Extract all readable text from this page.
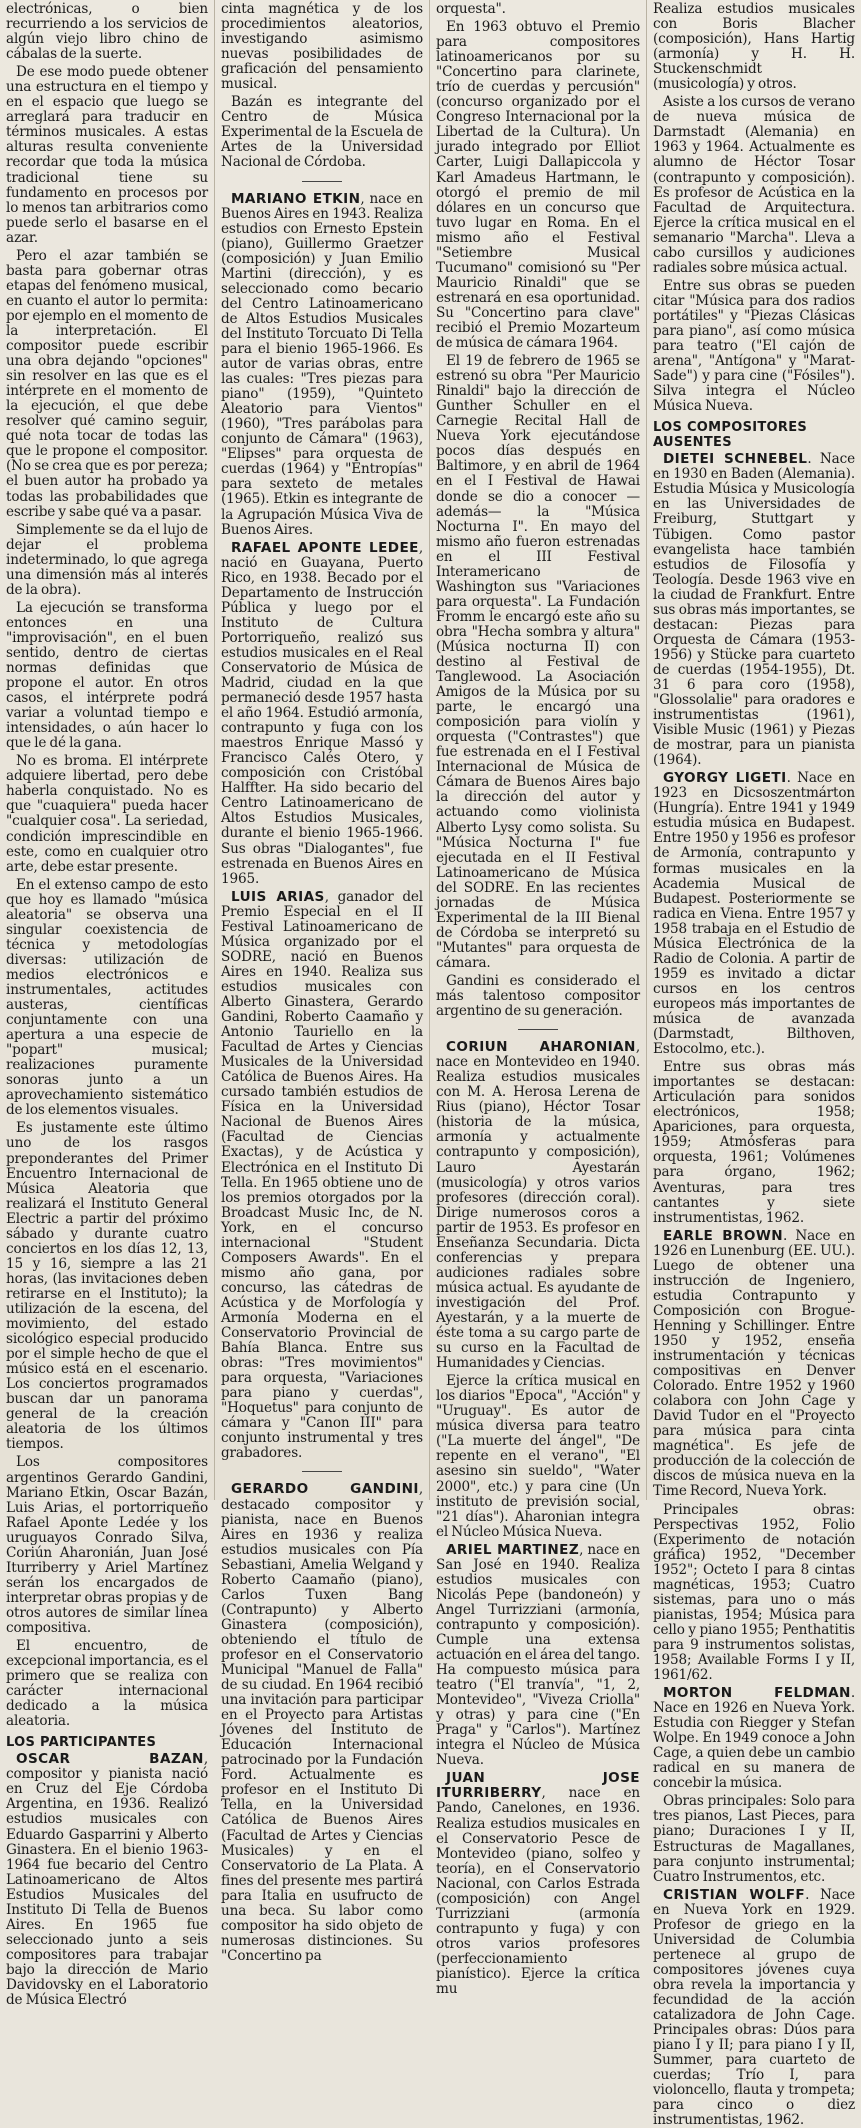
electrónicas, o bien recurriendo a los servicios de algún viejo libro chino de cábalas de la suerte.

De ese modo puede obtener una estructura en el tiempo y en el espacio que luego se arreglará para traducir en términos musicales. A estas alturas resulta conveniente recordar que toda la música tradicional tiene su fundamento en procesos por lo menos tan arbitrarios como puede serlo el basarse en el azar.

Pero el azar también se basta para gobernar otras etapas del fenómeno musical, en cuanto el autor lo permita: por ejemplo en el momento de la interpretación. El compositor puede escribir una obra dejando "opciones" sin resolver en las que es el intérprete en el momento de la ejecución, el que debe resolver qué camino seguir, qué nota tocar de todas las que le propone el compositor. (No se crea que es por pereza; el buen autor ha probado ya todas las probabilidades que escribe y sabe qué va a pasar.

Simplemente se da el lujo de dejar el problema indeterminado, lo que agrega una dimensión más al interés de la obra).

La ejecución se transforma entonces en una "improvisación", en el buen sentido, dentro de ciertas normas definidas que propone el autor. En otros casos, el intérprete podrá variar a voluntad tiempo e intensidades, o aún hacer lo que le dé la gana.

No es broma. El intérprete adquiere libertad, pero debe haberla conquistado. No es que "cuaquiera" pueda hacer "cualquier cosa". La seriedad, condición imprescindible en este, como en cualquier otro arte, debe estar presente.

En el extenso campo de esto que hoy es llamado "música aleatoria" se observa una singular coexistencia de técnica y metodologías diversas: utilización de medios electrónicos e instrumentales, actitudes austeras, científicas conjuntamente con una apertura a una especie de "popart" musical; realizaciones puramente sonoras junto a un aprovechamiento sistemático de los elementos visuales.

Es justamente este último uno de los rasgos preponderantes del Primer Encuentro Internacional de Música Aleatoria que realizará el Instituto General Electric a partir del próximo sábado y durante cuatro conciertos en los días 12, 13, 15 y 16, siempre a las 21 horas, (las invitaciones deben retirarse en el Instituto); la utilización de la escena, del movimiento, del estado sicológico especial producido por el simple hecho de que el músico está en el escenario. Los conciertos programados buscan dar un panorama general de la creación aleatoria de los últimos tiempos.

Los compositores argentinos Gerardo Gandini, Mariano Etkin, Oscar Bazán, Luis Arias, el portorriqueño Rafael Aponte Ledée y los uruguayos Conrado Silva, Coriún Aharonián, Juan José Iturriberry y Ariel Martínez serán los encargados de interpretar obras propias y de otros autores de similar línea compositiva.

El encuentro, de excepcional importancia, es el primero que se realiza con carácter internacional dedicado a la música aleatoria.

LOS PARTICIPANTES

OSCAR BAZAN, compositor y pianista nació en Cruz del Eje Córdoba Argentina, en 1936. Realizó estudios musicales con Eduardo Gasparrini y Alberto Ginastera. En el bienio 1963-1964 fue becario del Centro Latinoamericano de Altos Estudios Musicales del Instituto Di Tella de Buenos Aires. En 1965 fue seleccionado junto a seis compositores para trabajar bajo la dirección de Mario Davidovsky en el Laboratorio de Música Electró

cinta magnética y de los procedimientos aleatorios, investigando asimismo nuevas posibilidades de graficación del pensamiento musical.

Bazán es integrante del Centro de Música Experimental de la Escuela de Artes de la Universidad Nacional de Córdoba.

MARIANO ETKIN, nace en Buenos Aires en 1943. Realiza estudios con Ernesto Epstein (piano), Guillermo Graetzer (composición) y Juan Emilio Martini (dirección), y es seleccionado como becario del Centro Latinoamericano de Altos Estudios Musicales del Instituto Torcuato Di Tella para el bienio 1965-1966. Es autor de varias obras, entre las cuales: "Tres piezas para piano" (1959), "Quinteto Aleatorio para Vientos" (1960), "Tres parábolas para conjunto de Cámara" (1963), "Elipses" para orquesta de cuerdas (1964) y "Entropías" para sexteto de metales (1965). Etkin es integrante de la Agrupación Música Viva de Buenos Aires.

RAFAEL APONTE LEDEE, nació en Guayana, Puerto Rico, en 1938. Becado por el Departamento de Instrucción Pública y luego por el Instituto de Cultura Portorriqueño, realizó sus estudios musicales en el Real Conservatorio de Música de Madrid, ciudad en la que permaneció desde 1957 hasta el año 1964. Estudió armonía, contrapunto y fuga con los maestros Enrique Massó y Francisco Calés Otero, y composición con Cristóbal Halffter. Ha sido becario del Centro Latinoamericano de Altos Estudios Musicales, durante el bienio 1965-1966. Sus obras "Dialogantes", fue estrenada en Buenos Aires en 1965.

LUIS ARIAS, ganador del Premio Especial en el II Festival Latinoamericano de Música organizado por el SODRE, nació en Buenos Aires en 1940. Realiza sus estudios musicales con Alberto Ginastera, Gerardo Gandini, Roberto Caamaño y Antonio Tauriello en la Facultad de Artes y Ciencias Musicales de la Universidad Católica de Buenos Aires. Ha cursado también estudios de Física en la Universidad Nacional de Buenos Aires (Facultad de Ciencias Exactas), y de Acústica y Electrónica en el Instituto Di Tella. En 1965 obtiene uno de los premios otorgados por la Broadcast Music Inc, de N. York, en el concurso internacional "Student Composers Awards". En el mismo año gana, por concurso, las cátedras de Acústica y de Morfología y Armonía Moderna en el Conservatorio Provincial de Bahía Blanca. Entre sus obras: "Tres movimientos" para orquesta, "Variaciones para piano y cuerdas", "Hoquetus" para conjunto de cámara y "Canon III" para conjunto instrumental y tres grabadores.

GERARDO GANDINI, destacado compositor y pianista, nace en Buenos Aires en 1936 y realiza estudios musicales con Pía Sebastiani, Amelia Welgand y Roberto Caamaño (piano), Carlos Tuxen Bang (Contrapunto) y Alberto Ginastera (composición), obteniendo el título de profesor en el Conservatorio Municipal "Manuel de Falla" de su ciudad. En 1964 recibió una invitación para participar en el Proyecto para Artistas Jóvenes del Instituto de Educación Internacional patrocinado por la Fundación Ford. Actualmente es profesor en el Instituto Di Tella, en la Universidad Católica de Buenos Aires (Facultad de Artes y Ciencias Musicales) y en el Conservatorio de La Plata. A fines del presente mes partirá para Italia en usufructo de una beca. Su labor como compositor ha sido objeto de numerosas distinciones. Su "Concertino pa

orquesta".

En 1963 obtuvo el Premio para compositores latinoamericanos por su "Concertino para clarinete, trío de cuerdas y percusión" (concurso organizado por el Congreso Internacional por la Libertad de la Cultura). Un jurado integrado por Elliot Carter, Luigi Dallapiccola y Karl Amadeus Hartmann, le otorgó el premio de mil dólares en un concurso que tuvo lugar en Roma. En el mismo año el Festival "Setiembre Musical Tucumano" comisionó su "Per Mauricio Rinaldi" que se estrenará en esa oportunidad. Su "Concertino para clave" recibió el Premio Mozarteum de música de cámara 1964.

El 19 de febrero de 1965 se estrenó su obra "Per Mauricio Rinaldi" bajo la dirección de Gunther Schuller en el Carnegie Recital Hall de Nueva York ejecutándose pocos días después en Baltimore, y en abril de 1964 en el I Festival de Hawai donde se dio a conocer —además— la "Música Nocturna I". En mayo del mismo año fueron estrenadas en el III Festival Interamericano de Washington sus "Variaciones para orquesta". La Fundación Fromm le encargó este año su obra "Hecha sombra y altura" (Música nocturna II) con destino al Festival de Tanglewood. La Asociación Amigos de la Música por su parte, le encargó una composición para violín y orquesta ("Contrastes") que fue estrenada en el I Festival Internacional de Música de Cámara de Buenos Aires bajo la dirección del autor y actuando como violinista Alberto Lysy como solista. Su "Música Nocturna I" fue ejecutada en el II Festival Latinoamericano de Música del SODRE. En las recientes jornadas de Música Experimental de la III Bienal de Córdoba se interpretó su "Mutantes" para orquesta de cámara.

Gandini es considerado el más talentoso compositor argentino de su generación.

CORIUN AHARONIAN, nace en Montevideo en 1940. Realiza estudios musicales con M. A. Herosa Lerena de Rius (piano), Héctor Tosar (historia de la música, armonía y actualmente contrapunto y composición), Lauro Ayestarán (musicología) y otros varios profesores (dirección coral). Dirige numerosos coros a partir de 1953. Es profesor en Enseñanza Secundaria. Dicta conferencias y prepara audiciones radiales sobre música actual. Es ayudante de investigación del Prof. Ayestarán, y a la muerte de éste toma a su cargo parte de su curso en la Facultad de Humanidades y Ciencias.

Ejerce la crítica musical en los diarios "Epoca", "Acción" y "Uruguay". Es autor de música diversa para teatro ("La muerte del ángel", "De repente en el verano", "El asesino sin sueldo", "Water 2000", etc.) y para cine (Un instituto de previsión social, "21 días"). Aharonian integra el Núcleo Música Nueva.

ARIEL MARTINEZ, nace en San José en 1940. Realiza estudios musicales con Nicolás Pepe (bandoneón) y Angel Turrizziani (armonía, contrapunto y composición). Cumple una extensa actuación en el área del tango. Ha compuesto música para teatro ("El tranvía", "1, 2, Montevideo", "Viveza Criolla" y otras) y para cine ("En Praga" y "Carlos"). Martínez integra el Núcleo de Música Nueva.

JUAN JOSE ITURRIBERRY, nace en Pando, Canelones, en 1936. Realiza estudios musicales en el Conservatorio Pesce de Montevideo (piano, solfeo y teoría), en el Conservatorio Nacional, con Carlos Estrada (composición) con Angel Turrizziani (armonía contrapunto y fuga) y con otros varios profesores (perfeccionamiento pianístico). Ejerce la crítica mu

Realiza estudios musicales con Boris Blacher (composición), Hans Hartig (armonía) y H. H. Stuckenschmidt (musicología) y otros.

Asiste a los cursos de verano de nueva música de Darmstadt (Alemania) en 1963 y 1964. Actualmente es alumno de Héctor Tosar (contrapunto y composición). Es profesor de Acústica en la Facultad de Arquitectura. Ejerce la crítica musical en el semanario "Marcha". Lleva a cabo cursillos y audiciones radiales sobre música actual.

Entre sus obras se pueden citar "Música para dos radios portátiles" y "Piezas Clásicas para piano", así como música para teatro ("El cajón de arena", "Antígona" y "Marat-Sade") y para cine ("Fósiles"). Silva integra el Núcleo Música Nueva.

LOS COMPOSITORES AUSENTES

DIETEI SCHNEBEL. Nace en 1930 en Baden (Alemania). Estudia Música y Musicología en las Universidades de Freiburg, Stuttgart y Tübigen. Como pastor evangelista hace también estudios de Filosofía y Teología. Desde 1963 vive en la ciudad de Frankfurt. Entre sus obras más importantes, se destacan: Piezas para Orquesta de Cámara (1953-1956) y Stücke para cuarteto de cuerdas (1954-1955), Dt. 31 6 para coro (1958), "Glossolalie" para oradores e instrumentistas (1961), Visible Music (1961) y Piezas de mostrar, para un pianista (1964).

GYORGY LIGETI. Nace en 1923 en Dicsoszentmárton (Hungría). Entre 1941 y 1949 estudia música en Budapest. Entre 1950 y 1956 es profesor de Armonía, contrapunto y formas musicales en la Academia Musical de Budapest. Posteriormente se radica en Viena. Entre 1957 y 1958 trabaja en el Estudio de Música Electrónica de la Radio de Colonia. A partir de 1959 es invitado a dictar cursos en los centros europeos más importantes de música de avanzada (Darmstadt, Bilthoven, Estocolmo, etc.).

Entre sus obras más importantes se destacan: Articulación para sonidos electrónicos, 1958; Apariciones, para orquesta, 1959; Atmósferas para orquesta, 1961; Volúmenes para órgano, 1962; Aventuras, para tres cantantes y siete instrumentistas, 1962.

EARLE BROWN. Nace en 1926 en Lunenburg (EE. UU.). Luego de obtener una instrucción de Ingeniero, estudia Contrapunto y Composición con Brogue-Henning y Schillinger. Entre 1950 y 1952, enseña instrumentación y técnicas compositivas en Denver Colorado. Entre 1952 y 1960 colabora con John Cage y David Tudor en el "Proyecto para música para cinta magnética". Es jefe de producción de la colección de discos de música nueva en la Time Record, Nueva York.

Principales obras: Perspectivas 1952, Folio (Experimento de notación gráfica) 1952, "December 1952"; Octeto I para 8 cintas magnéticas, 1953; Cuatro sistemas, para uno o más pianistas, 1954; Música para cello y piano 1955; Penthatitis para 9 instrumentos solistas, 1958; Available Forms I y II, 1961/62.

MORTON FELDMAN. Nace en 1926 en Nueva York. Estudia con Riegger y Stefan Wolpe. En 1949 conoce a John Cage, a quien debe un cambio radical en su manera de concebir la música.

Obras principales: Solo para tres pianos, Last Pieces, para piano; Duraciones I y II, Estructuras de Magallanes, para conjunto instrumental; Cuatro Instrumentos, etc.

CRISTIAN WOLFF. Nace en Nueva York en 1929. Profesor de griego en la Universidad de Columbia pertenece al grupo de compositores jóvenes cuya obra revela la importancia y fecundidad de la acción catalizadora de John Cage. Principales obras: Dúos para piano I y II; para piano I y II, Summer, para cuarteto de cuerdas; Trío I, para violoncello, flauta y trompeta; para cinco o diez instrumentistas, 1962.
